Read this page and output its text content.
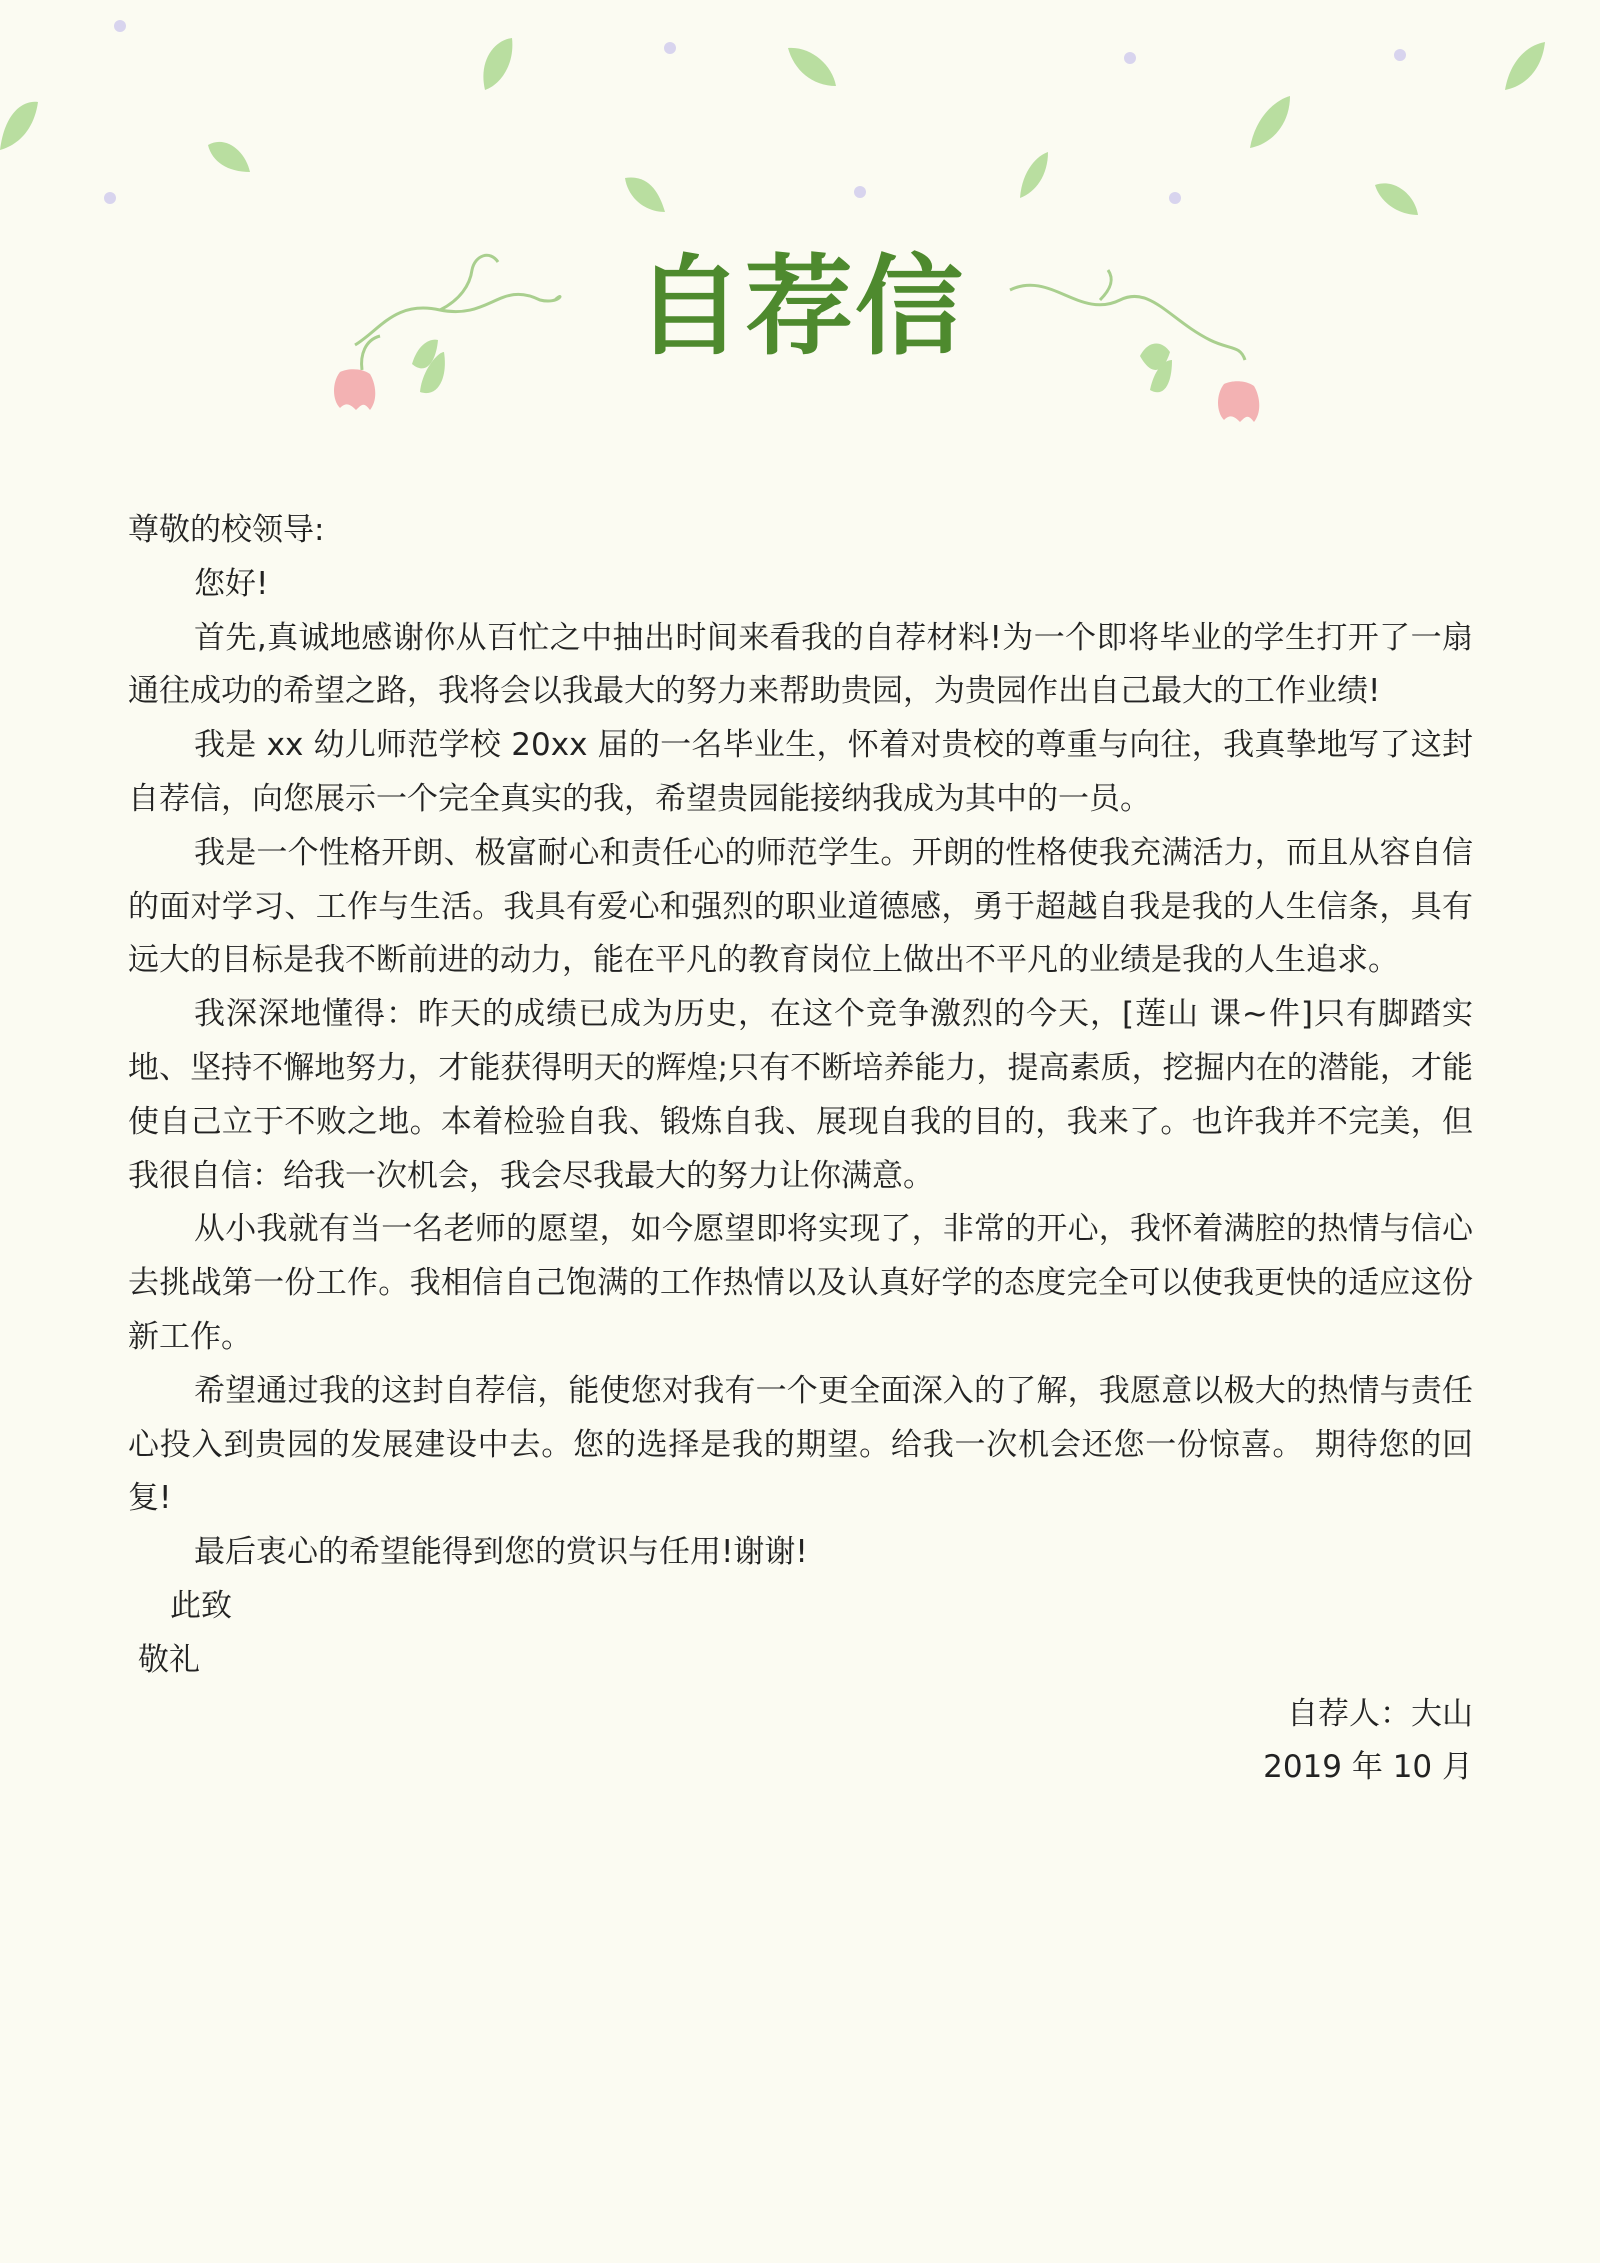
自荐信

尊敬的校领导:

您好!

首先,真诚地感谢你从百忙之中抽出时间来看我的自荐材料!为一个即将毕业的学生打开了一扇通往成功的希望之路，我将会以我最大的努力来帮助贵园，为贵园作出自己最大的工作业绩!

我是 xx 幼儿师范学校 20xx 届的一名毕业生，怀着对贵校的尊重与向往，我真挚地写了这封自荐信，向您展示一个完全真实的我，希望贵园能接纳我成为其中的一员。

我是一个性格开朗、极富耐心和责任心的师范学生。开朗的性格使我充满活力，而且从容自信的面对学习、工作与生活。我具有爱心和强烈的职业道德感，勇于超越自我是我的人生信条，具有远大的目标是我不断前进的动力，能在平凡的教育岗位上做出不平凡的业绩是我的人生追求。

我深深地懂得：昨天的成绩已成为历史，在这个竞争激烈的今天，[莲山 课~件]只有脚踏实地、坚持不懈地努力，才能获得明天的辉煌;只有不断培养能力，提高素质，挖掘内在的潜能，才能使自己立于不败之地。本着检验自我、锻炼自我、展现自我的目的，我来了。也许我并不完美，但我很自信：给我一次机会，我会尽我最大的努力让你满意。

从小我就有当一名老师的愿望，如今愿望即将实现了，非常的开心，我怀着满腔的热情与信心去挑战第一份工作。我相信自己饱满的工作热情以及认真好学的态度完全可以使我更快的适应这份新工作。

希望通过我的这封自荐信，能使您对我有一个更全面深入的了解，我愿意以极大的热情与责任心投入到贵园的发展建设中去。您的选择是我的期望。给我一次机会还您一份惊喜。 期待您的回复!

最后衷心的希望能得到您的赏识与任用!谢谢!

此致

敬礼

自荐人：大山

2019 年 10 月
